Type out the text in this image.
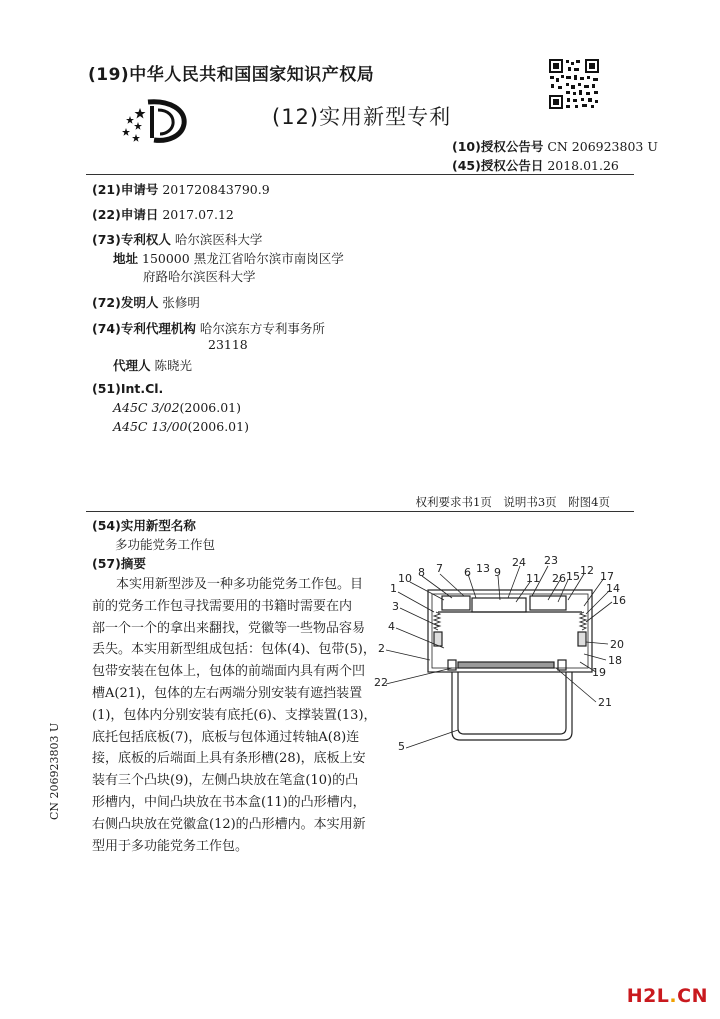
(19)中华人民共和国国家知识产权局
(12)实用新型专利
(10)授权公告号 CN 206923803 U
(45)授权公告日 2018.01.26
(21)申请号 201720843790.9
(22)申请日 2017.07.12
(73)专利权人 哈尔滨医科大学
地址 150000 黑龙江省哈尔滨市南岗区学
府路哈尔滨医科大学
(72)发明人 张修明
(74)专利代理机构 哈尔滨东方专利事务所
23118
代理人 陈晓光
(51)Int.Cl.
A45C 3/02(2006.01)
A45C 13/00(2006.01)
权利要求书1页　说明书3页　附图4页
(54)实用新型名称
多功能党务工作包
(57)摘要
本实用新型涉及一种多功能党务工作包。目
前的党务工作包寻找需要用的书籍时需要在内
部一个一个的拿出来翻找，党徽等一些物品容易
丢失。本实用新型组成包括：包体(4)、包带(5)，
包带安装在包体上，包体的前端面内具有两个凹
槽A(21)，包体的左右两端分别安装有遮挡装置
(1)，包体内分别安装有底托(6)、支撑装置(13)，
底托包括底板(7)，底板与包体通过转轴A(8)连
接，底板的后端面上具有条形槽(28)，底板上安
装有三个凸块(9)，左侧凸块放在笔盒(10)的凸
形槽内，中间凸块放在书本盒(11)的凸形槽内，
右侧凸块放在党徽盒(12)的凸形槽内。本实用新
型用于多功能党务工作包。
CN 206923803 U
1
3
4
2
22
5
10 8 7 6 13 9
24
11
23
26 15 12 17
14
16
20
18
19
21
H2L.CN
